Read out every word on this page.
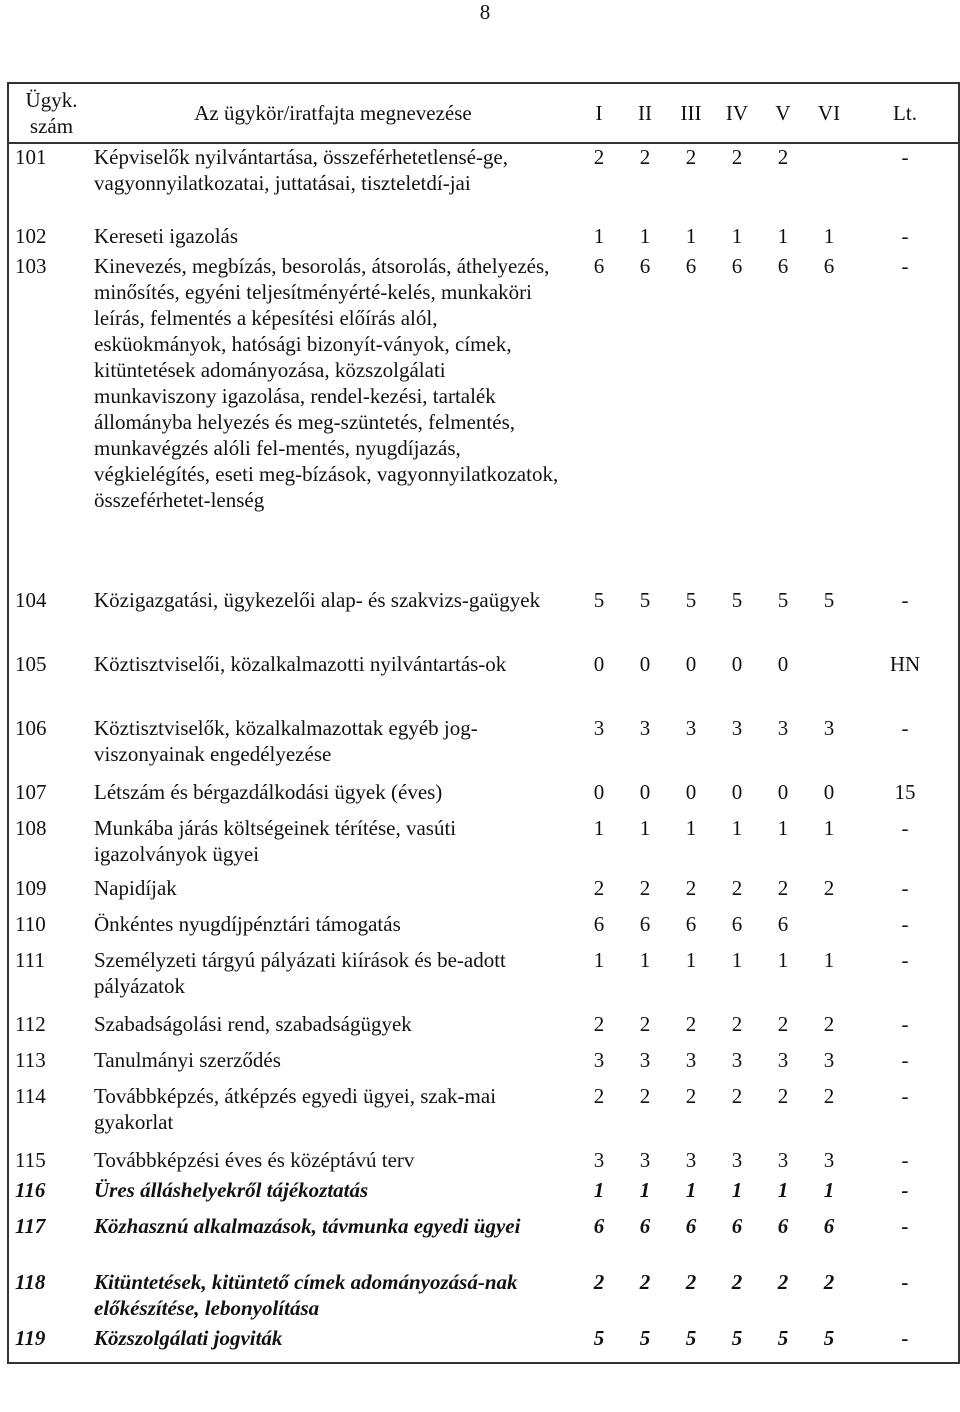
8
Ügyk. szám	Az ügykör/iratfajta megnevezése	I	II	III	IV	V	VI	Lt.
101	Képviselők nyilvántartása, összeférhetetlensé-ge, vagyonnyilatkozatai, juttatásai, tiszteletdí-jai	2	2	2	2	2		-
102	Kereseti igazolás	1	1	1	1	1	1	-
103	Kinevezés, megbízás, besorolás, átsorolás, áthelyezés, minősítés, egyéni teljesítményérté-kelés, munkaköri leírás, felmentés a képesítési előírás alól, esküokmányok, hatósági bizonyít-ványok, címek, kitüntetések adományozása, közszolgálati munkaviszony igazolása, rendel-kezési, tartalék állományba helyezés és meg-szüntetés, felmentés, munkavégzés alóli fel-mentés, nyugdíjazás, végkielégítés, eseti meg-bízások, vagyonnyilatkozatok, összeférhetet-lenség	6	6	6	6	6	6	-
104	Közigazgatási, ügykezelői alap- és szakvizs-gaügyek	5	5	5	5	5	5	-
105	Köztisztviselői, közalkalmazotti nyilvántartás-ok	0	0	0	0	0		HN
106	Köztisztviselők, közalkalmazottak egyéb jog-viszonyainak engedélyezése	3	3	3	3	3	3	-
107	Létszám és bérgazdálkodási ügyek (éves)	0	0	0	0	0	0	15
108	Munkába járás költségeinek térítése, vasúti igazolványok ügyei	1	1	1	1	1	1	-
109	Napidíjak	2	2	2	2	2	2	-
110	Önkéntes nyugdíjpénztári támogatás	6	6	6	6	6		-
111	Személyzeti tárgyú pályázati kiírások és be-adott pályázatok	1	1	1	1	1	1	-
112	Szabadságolási rend, szabadságügyek	2	2	2	2	2	2	-
113	Tanulmányi szerződés	3	3	3	3	3	3	-
114	Továbbképzés, átképzés egyedi ügyei, szak-mai gyakorlat	2	2	2	2	2	2	-
115	Továbbképzési éves és középtávú terv	3	3	3	3	3	3	-
116	Üres álláshelyekről tájékoztatás	1	1	1	1	1	1	-
117	Közhasznú alkalmazások, távmunka egyedi ügyei	6	6	6	6	6	6	-
118	Kitüntetések, kitüntető címek adományozásá-nak előkészítése, lebonyolítása	2	2	2	2	2	2	-
119	Közszolgálati jogviták	5	5	5	5	5	5	-
